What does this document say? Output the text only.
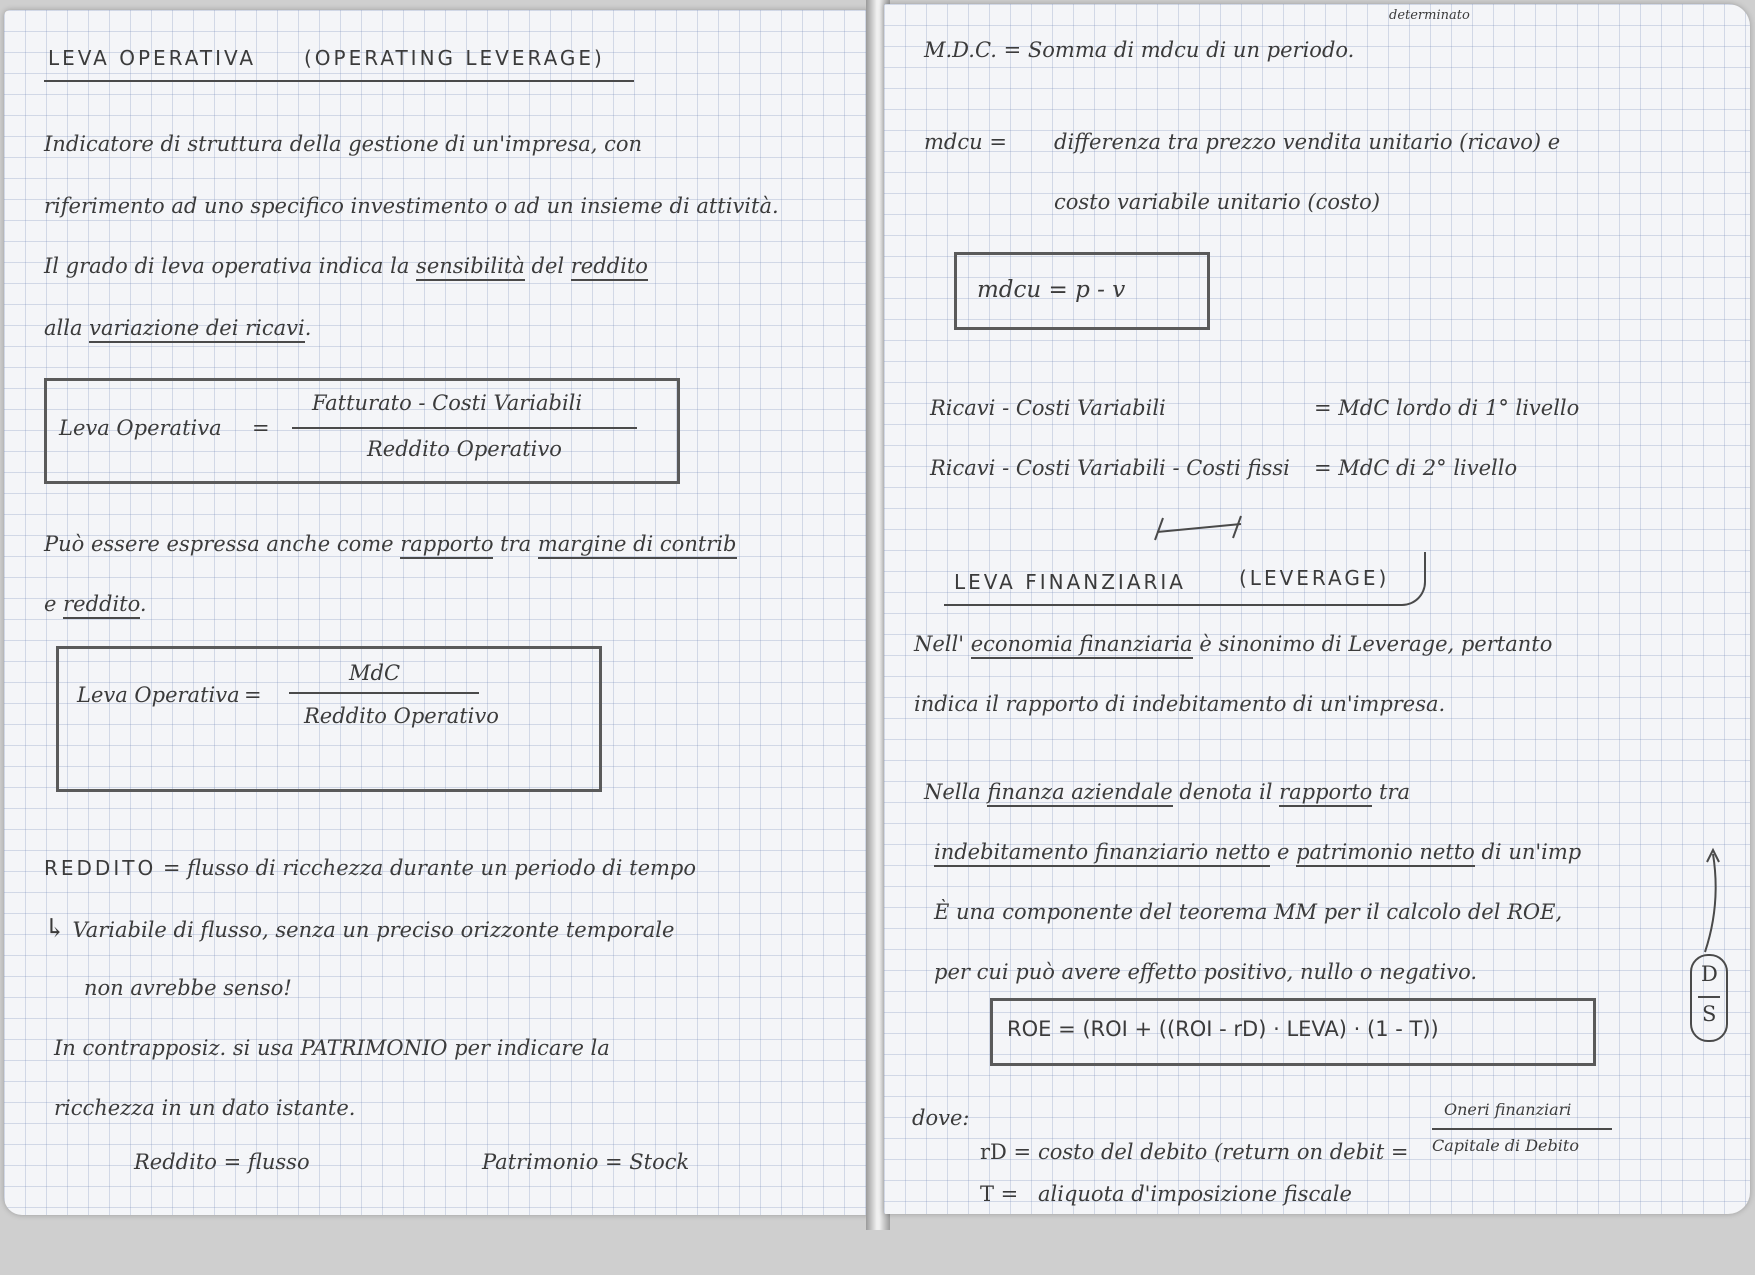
LEVA OPERATIVA (OPERATING LEVERAGE)
Indicatore di struttura della gestione di un'impresa, con
riferimento ad uno specifico investimento o ad un insieme di attività.
Il grado di leva operativa indica la sensibilità del reddito
alla variazione dei ricavi.
Leva Operativa =
Fatturato - Costi Variabili
Reddito Operativo
Può essere espressa anche come rapporto tra margine di contrib
e reddito.
Leva Operativa =
MdC
Reddito Operativo
REDDITO = flusso di ricchezza durante un periodo di tempo
↳ Variabile di flusso, senza un preciso orizzonte temporale
non avrebbe senso!
In contrapposiz. si usa PATRIMONIO per indicare la
ricchezza in un dato istante.
Reddito = flusso	Patrimonio = Stock
M.D.C. = Somma di mdcu di un periodo.
determinato
mdcu = differenza tra prezzo vendita unitario (ricavo) e
costo variabile unitario (costo)
mdcu = p - v
Ricavi - Costi Variabili	= MdC lordo di 1° livello
Ricavi - Costi Variabili - Costi fissi = MdC di 2° livello
LEVA FINANZIARIA	(LEVERAGE)
Nell' economia finanziaria è sinonimo di Leverage, pertanto
indica il rapporto di indebitamento di un'impresa.
Nella finanza aziendale denota il rapporto tra
indebitamento finanziario netto e patrimonio netto di un'imp
È una componente del teorema MM per il calcolo del ROE,
per cui può avere effetto positivo, nullo o negativo.	D
S
ROE = (ROI + ((ROI - rD) · LEVA) · (1 - T))
dove:
rD = costo del debito (return on debit =
Oneri finanziari
Capitale di Debito
T = aliquota d'imposizione fiscale
